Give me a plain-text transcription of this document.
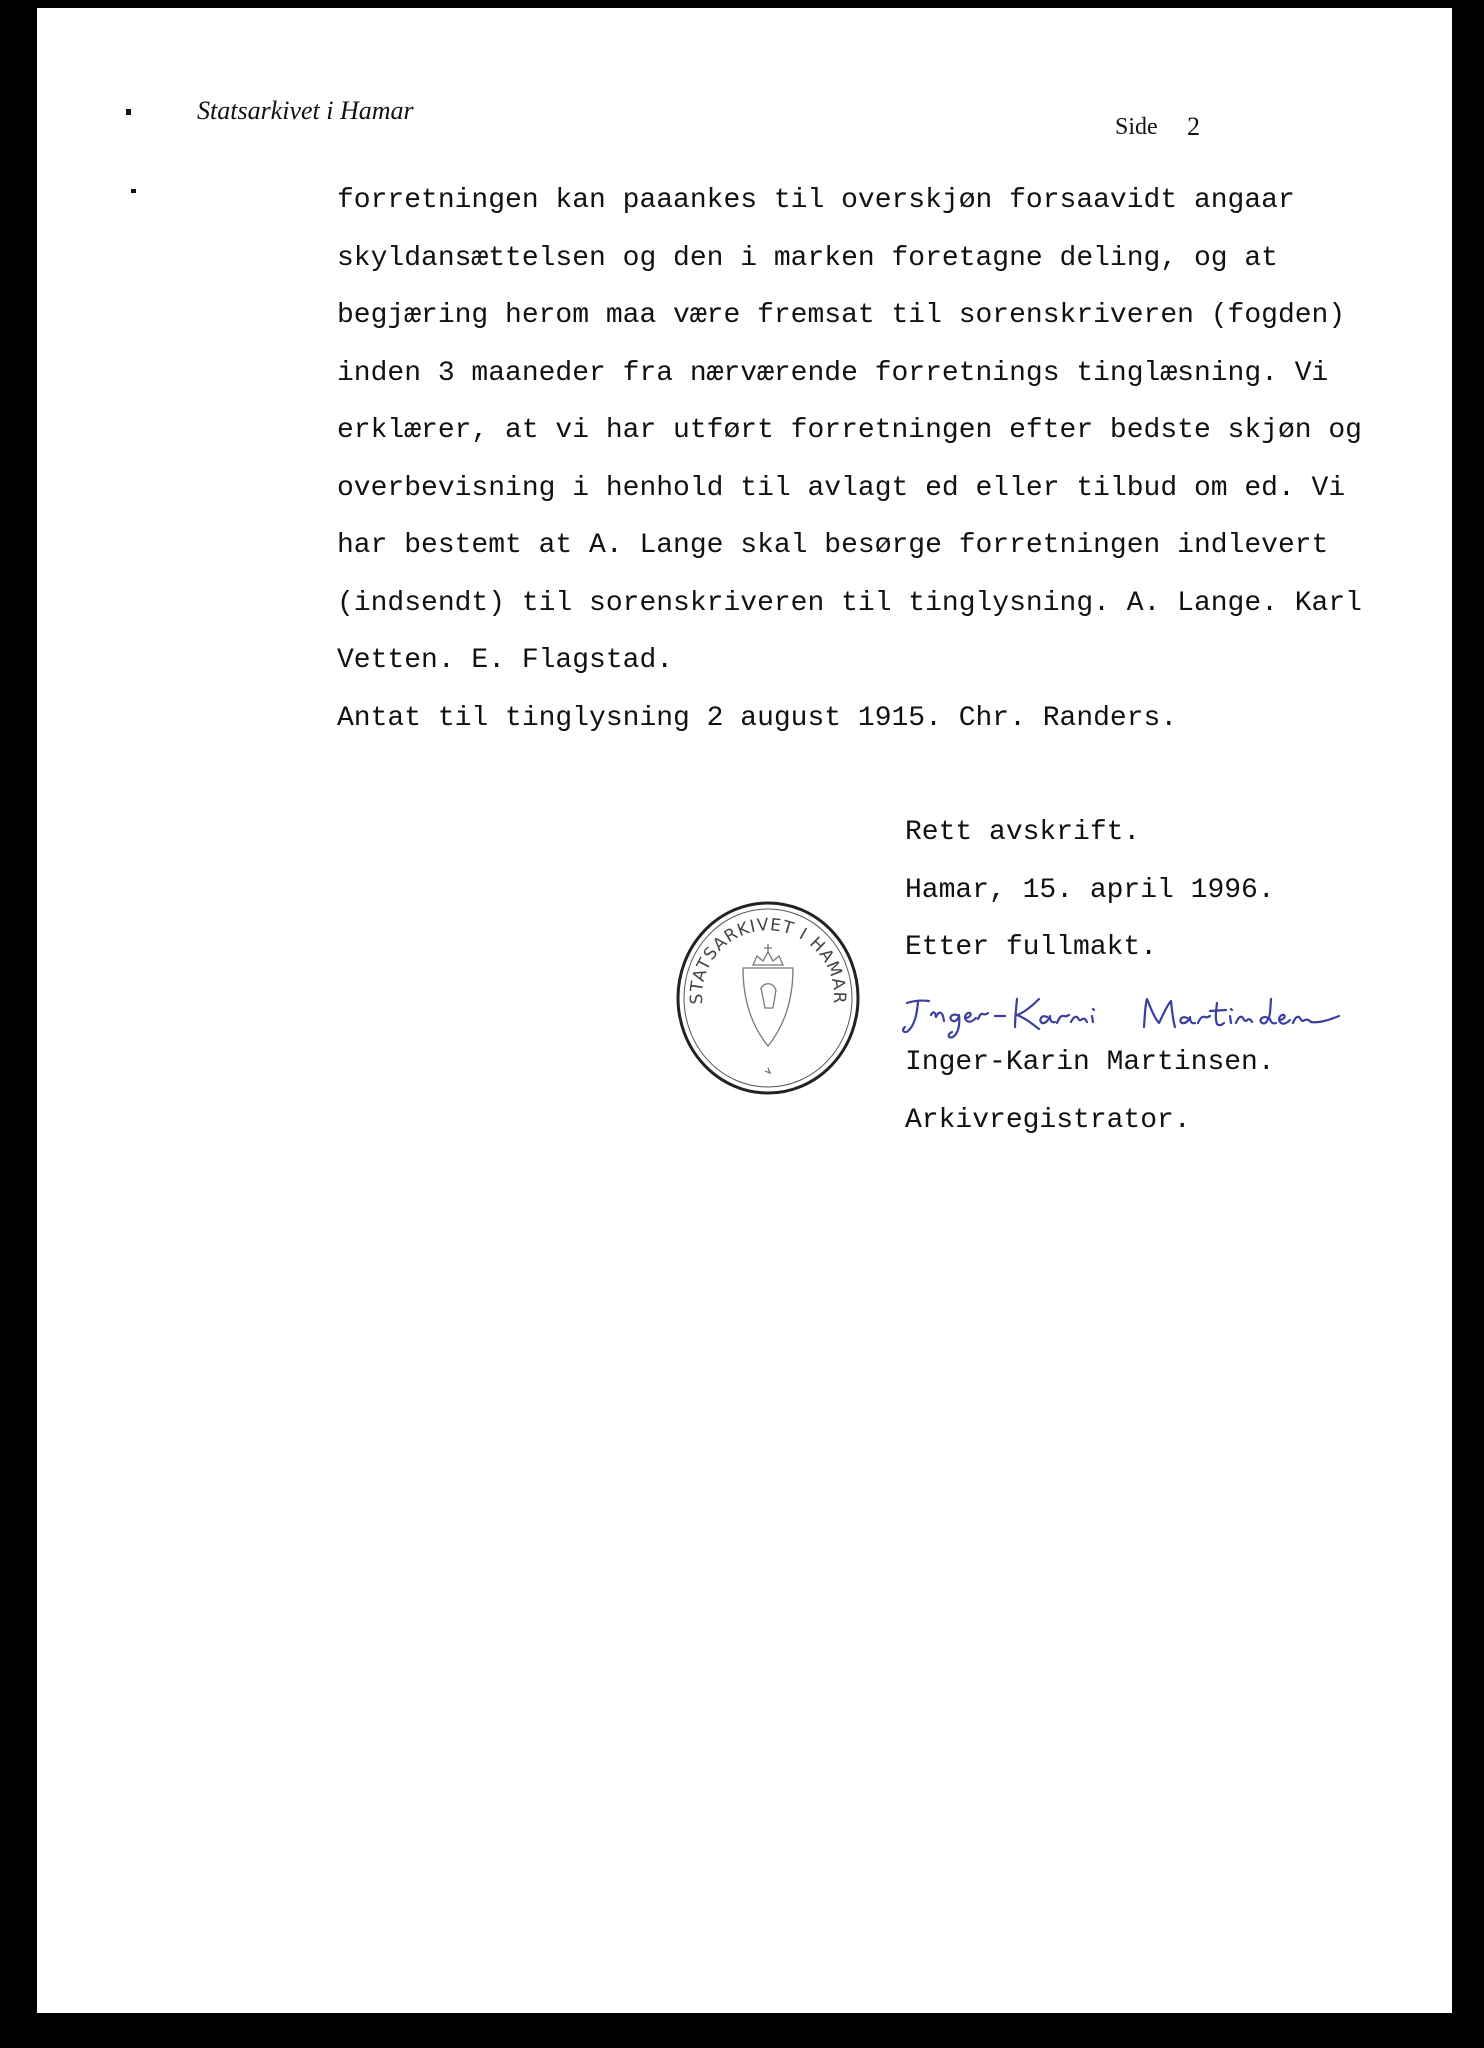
Statsarkivet i Hamar
Side 2
forretningen kan paaankes til overskjøn forsaavidt angaar
skyldansættelsen og den i marken foretagne deling, og at
begjæring herom maa være fremsat til sorenskriveren (fogden)
inden 3 maaneder fra nærværende forretnings tinglæsning. Vi
erklærer, at vi har utført forretningen efter bedste skjøn og
overbevisning i henhold til avlagt ed eller tilbud om ed. Vi
har bestemt at A. Lange skal besørge forretningen indlevert
(indsendt) til sorenskriveren til tinglysning. A. Lange. Karl
Vetten. E. Flagstad.
Antat til tinglysning 2 august 1915. Chr. Randers.
Rett avskrift.
Hamar, 15. april 1996.
Etter fullmakt.
Inger-Karin Martinsen.
Arkivregistrator.
STATSARKIVET I HAMAR
